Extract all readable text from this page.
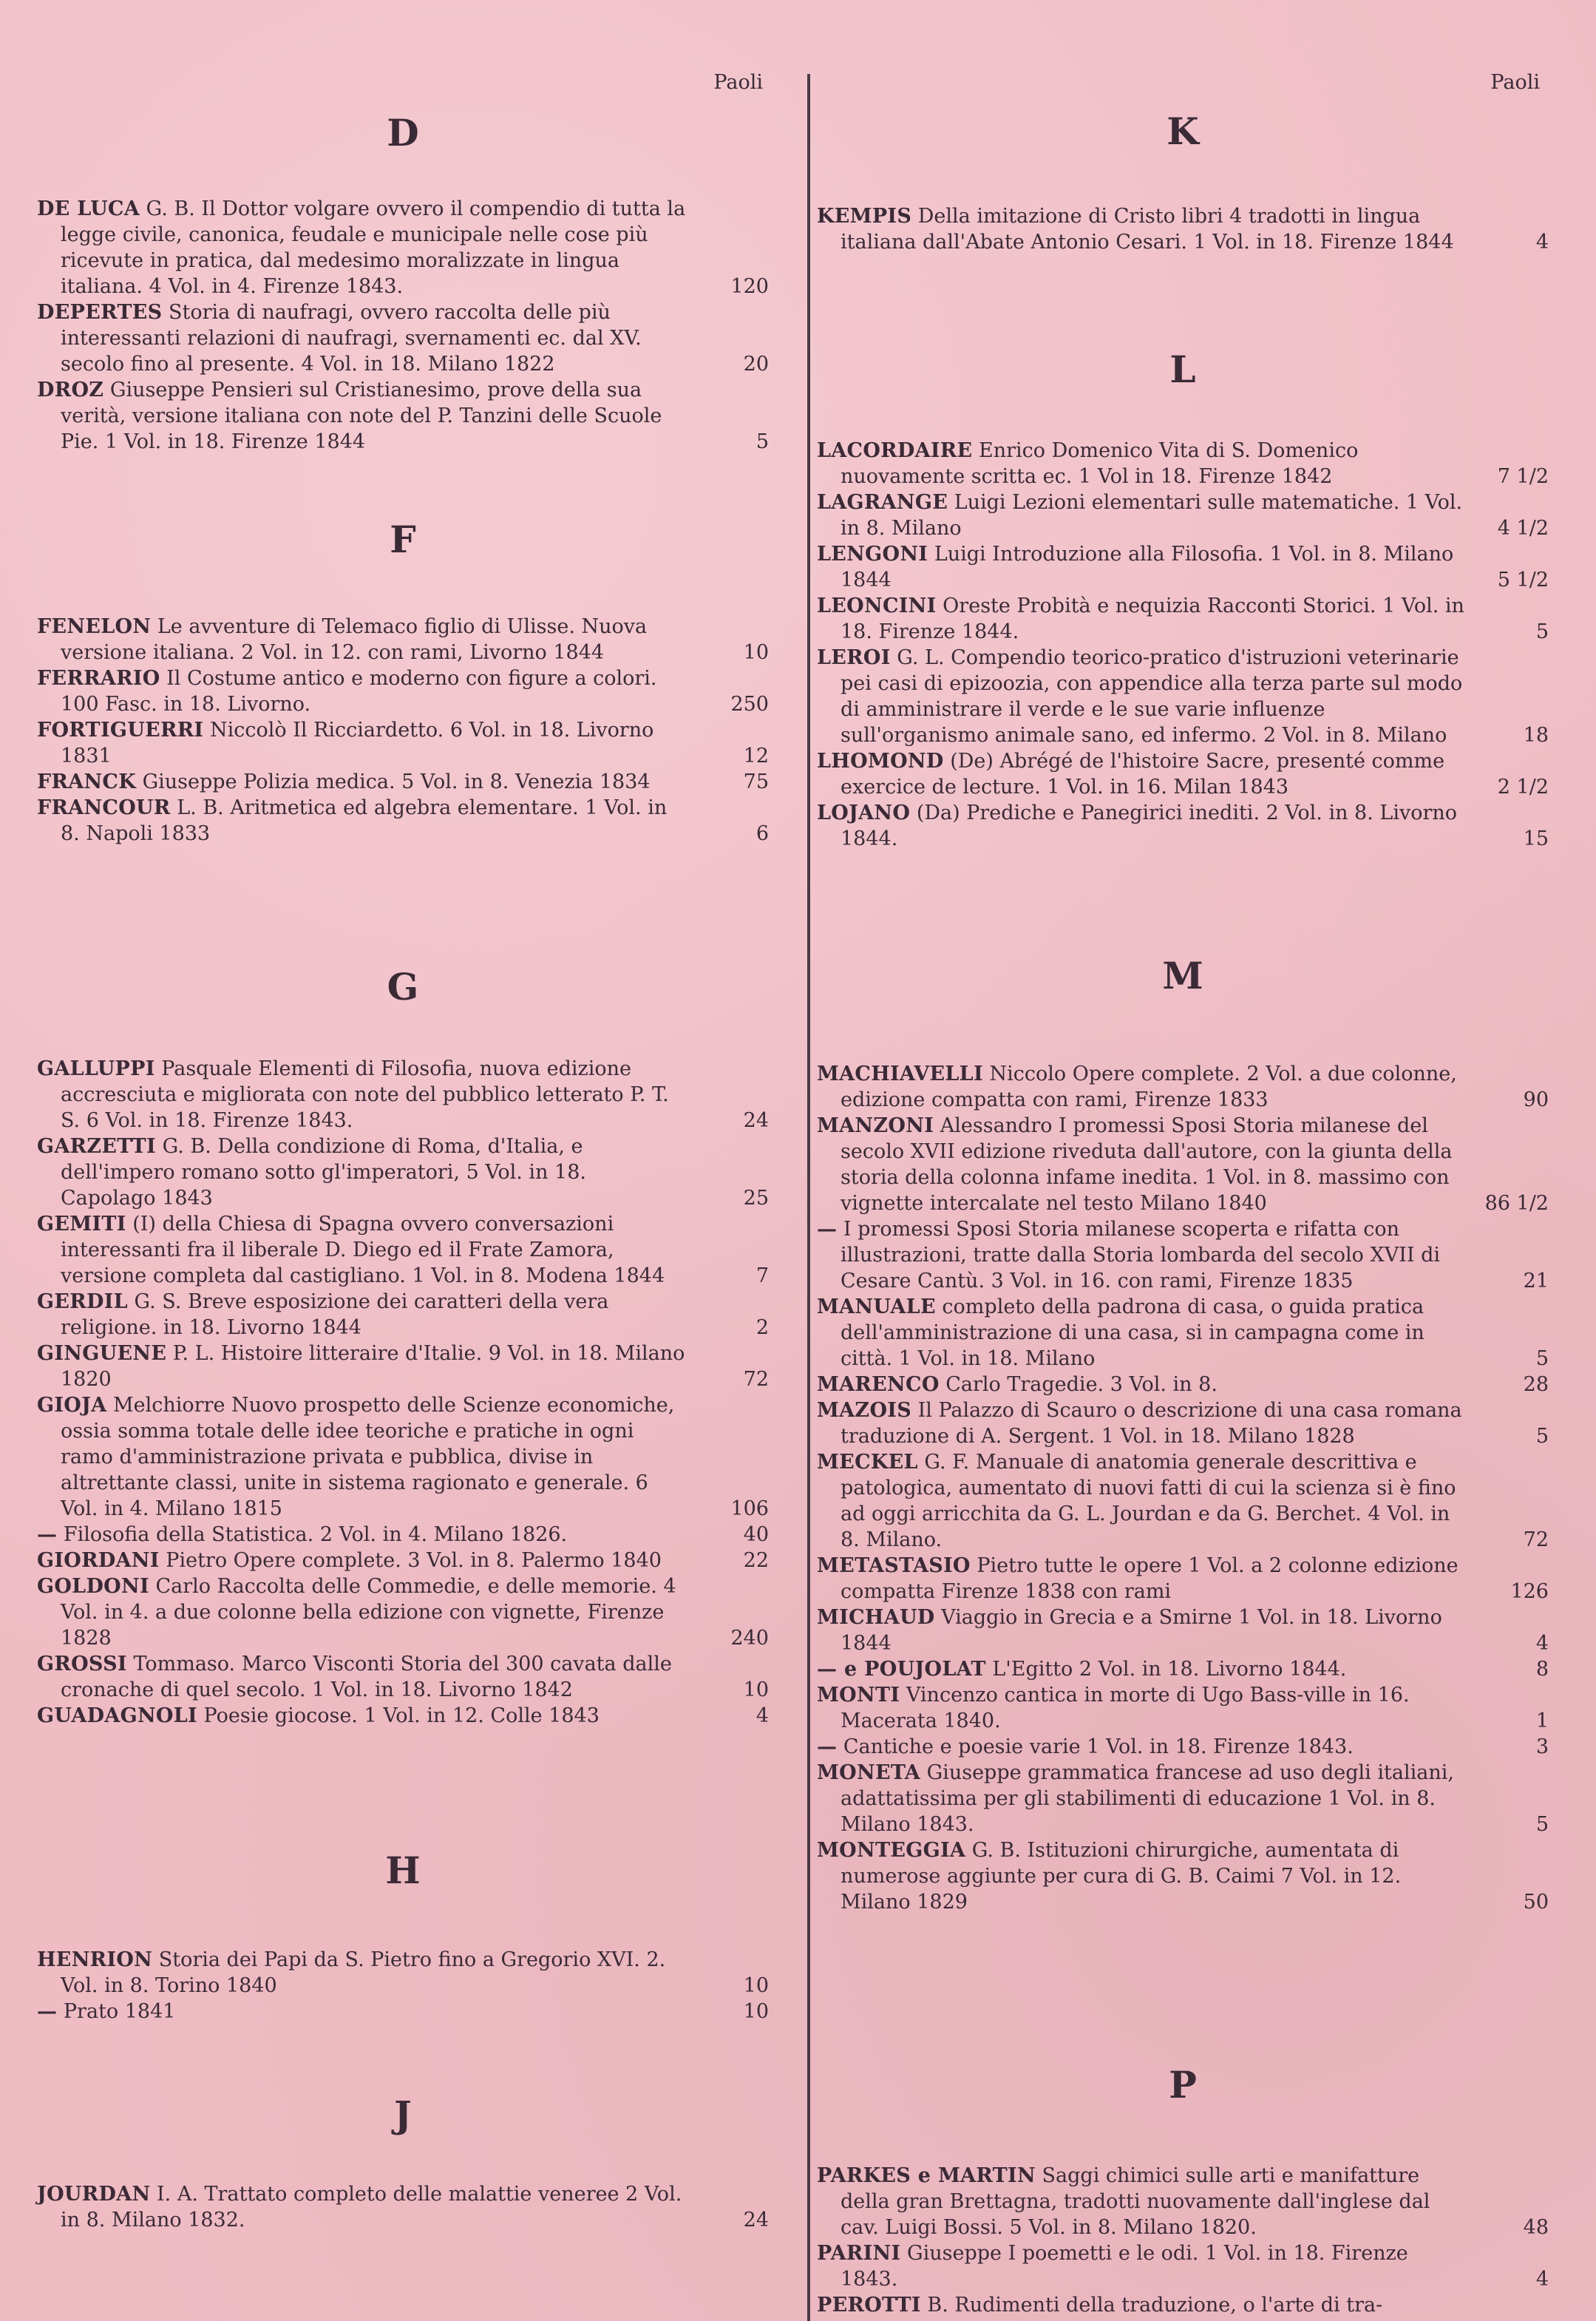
Paoli
D
DE LUCA G. B. Il Dottor volgare ovvero il compendio di tutta la legge civile, canonica, feudale e municipale nelle cose più ricevute in pratica, dal medesimo moralizzate in lingua italiana. 4 Vol. in 4. Firenze 1843.	120
DEPERTES Storia di naufragi, ovvero raccolta delle più interessanti relazioni di naufragi, svernamenti ec. dal XV. secolo fino al presente. 4 Vol. in 18. Milano 1822	20
DROZ Giuseppe Pensieri sul Cristianesimo, prove della sua verità, versione italiana con note del P. Tanzini delle Scuole Pie. 1 Vol. in 18. Firenze 1844	5
F
FENELON Le avventure di Telemaco figlio di Ulisse. Nuova versione italiana. 2 Vol. in 12. con rami, Livorno 1844	10
FERRARIO Il Costume antico e moderno con figure a colori. 100 Fasc. in 18. Livorno.	250
FORTIGUERRI Niccolò Il Ricciardetto. 6 Vol. in 18. Livorno 1831	12
FRANCK Giuseppe Polizia medica. 5 Vol. in 8. Venezia 1834	75
FRANCOUR L. B. Aritmetica ed algebra elementare. 1 Vol. in 8. Napoli 1833	6
G
GALLUPPI Pasquale Elementi di Filosofia, nuova edizione accresciuta e migliorata con note del pubblico letterato P. T. S. 6 Vol. in 18. Firenze 1843.	24
GARZETTI G. B. Della condizione di Roma, d'Italia, e dell'impero romano sotto gl'imperatori, 5 Vol. in 18. Capolago 1843	25
GEMITI (I) della Chiesa di Spagna ovvero conversazioni interessanti fra il liberale D. Diego ed il Frate Zamora, versione completa dal castigliano. 1 Vol. in 8. Modena 1844	7
GERDIL G. S. Breve esposizione dei caratteri della vera religione. in 18. Livorno 1844	2
GINGUENE P. L. Histoire litteraire d'Italie. 9 Vol. in 18. Milano 1820	72
GIOJA Melchiorre Nuovo prospetto delle Scienze economiche, ossia somma totale delle idee teoriche e pratiche in ogni ramo d'amministrazione privata e pubblica, divise in altrettante classi, unite in sistema ragionato e generale. 6 Vol. in 4. Milano 1815	106
— Filosofia della Statistica. 2 Vol. in 4. Milano 1826.	40
GIORDANI Pietro Opere complete. 3 Vol. in 8. Palermo 1840	22
GOLDONI Carlo Raccolta delle Commedie, e delle memorie. 4 Vol. in 4. a due colonne bella edizione con vignette, Firenze 1828	240
GROSSI Tommaso. Marco Visconti Storia del 300 cavata dalle cronache di quel secolo. 1 Vol. in 18. Livorno 1842	10
GUADAGNOLI Poesie giocose. 1 Vol. in 12. Colle 1843	4
H
HENRION Storia dei Papi da S. Pietro fino a Gregorio XVI. 2. Vol. in 8. Torino 1840	10
— Prato 1841	10
J
JOURDAN I. A. Trattato completo delle malattie veneree 2 Vol. in 8. Milano 1832.	24
Paoli
K
KEMPIS Della imitazione di Cristo libri 4 tradotti in lingua italiana dall'Abate Antonio Cesari. 1 Vol. in 18. Firenze 1844	4
L
LACORDAIRE Enrico Domenico Vita di S. Domenico nuovamente scritta ec. 1 Vol in 18. Firenze 1842	7 1/2
LAGRANGE Luigi Lezioni elementari sulle matematiche. 1 Vol. in 8. Milano	4 1/2
LENGONI Luigi Introduzione alla Filosofia. 1 Vol. in 8. Milano 1844	5 1/2
LEONCINI Oreste Probità e nequizia Racconti Storici. 1 Vol. in 18. Firenze 1844.	5
LEROI G. L. Compendio teorico-pratico d'istruzioni veterinarie pei casi di epizoozia, con appendice alla terza parte sul modo di amministrare il verde e le sue varie influenze sull'organismo animale sano, ed infermo. 2 Vol. in 8. Milano	18
LHOMOND (De) Abrégé de l'histoire Sacre, presenté comme exercice de lecture. 1 Vol. in 16. Milan 1843	2 1/2
LOJANO (Da) Prediche e Panegirici inediti. 2 Vol. in 8. Livorno 1844.	15
M
MACHIAVELLI Niccolo Opere complete. 2 Vol. a due colonne, edizione compatta con rami, Firenze 1833	90
MANZONI Alessandro I promessi Sposi Storia milanese del secolo XVII edizione riveduta dall'autore, con la giunta della storia della colonna infame inedita. 1 Vol. in 8. massimo con vignette intercalate nel testo Milano 1840	86 1/2
— I promessi Sposi Storia milanese scoperta e rifatta con illustrazioni, tratte dalla Storia lombarda del secolo XVII di Cesare Cantù. 3 Vol. in 16. con rami, Firenze 1835	21
MANUALE completo della padrona di casa, o guida pratica dell'amministrazione di una casa, si in campagna come in città. 1 Vol. in 18. Milano	5
MARENCO Carlo Tragedie. 3 Vol. in 8.	28
MAZOIS Il Palazzo di Scauro o descrizione di una casa romana traduzione di A. Sergent. 1 Vol. in 18. Milano 1828	5
MECKEL G. F. Manuale di anatomia generale descrittiva e patologica, aumentato di nuovi fatti di cui la scienza si è fino ad oggi arricchita da G. L. Jourdan e da G. Berchet. 4 Vol. in 8. Milano.	72
METASTASIO Pietro tutte le opere 1 Vol. a 2 colonne edizione compatta Firenze 1838 con rami	126
MICHAUD Viaggio in Grecia e a Smirne 1 Vol. in 18. Livorno 1844	4
— e POUJOLAT L'Egitto 2 Vol. in 18. Livorno 1844.	8
MONTI Vincenzo cantica in morte di Ugo Bass-ville in 16. Macerata 1840.	1
— Cantiche e poesie varie 1 Vol. in 18. Firenze 1843.	3
MONETA Giuseppe grammatica francese ad uso degli italiani, adattatissima per gli stabilimenti di educazione 1 Vol. in 8. Milano 1843.	5
MONTEGGIA G. B. Istituzioni chirurgiche, aumentata di numerose aggiunte per cura di G. B. Caimi 7 Vol. in 12. Milano 1829	50
P
PARKES e MARTIN Saggi chimici sulle arti e manifatture della gran Brettagna, tradotti nuovamente dall'inglese dal cav. Luigi Bossi. 5 Vol. in 8. Milano 1820.	48
PARINI Giuseppe I poemetti e le odi. 1 Vol. in 18. Firenze 1843.	4
PEROTTI B. Rudimenti della traduzione, o l'arte di tra-
